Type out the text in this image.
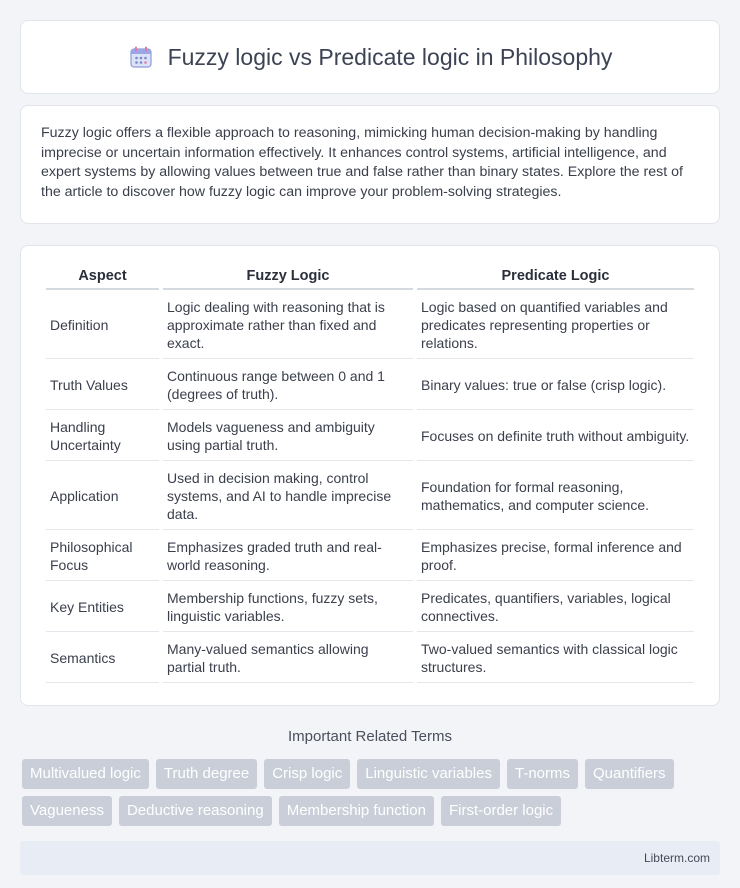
Fuzzy logic vs Predicate logic in Philosophy

Fuzzy logic offers a flexible approach to reasoning, mimicking human decision-making by handling imprecise or uncertain information effectively. It enhances control systems, artificial intelligence, and expert systems by allowing values between true and false rather than binary states. Explore the rest of the article to discover how fuzzy logic can improve your problem-solving strategies.

Aspect	Fuzzy Logic	Predicate Logic
Definition	Logic dealing with reasoning that is approximate rather than fixed and exact.	Logic based on quantified variables and predicates representing properties or relations.
Truth Values	Continuous range between 0 and 1 (degrees of truth).	Binary values: true or false (crisp logic).
Handling Uncertainty	Models vagueness and ambiguity using partial truth.	Focuses on definite truth without ambiguity.
Application	Used in decision making, control systems, and AI to handle imprecise data.	Foundation for formal reasoning, mathematics, and computer science.
Philosophical Focus	Emphasizes graded truth and real-world reasoning.	Emphasizes precise, formal inference and proof.
Key Entities	Membership functions, fuzzy sets, linguistic variables.	Predicates, quantifiers, variables, logical connectives.
Semantics	Many-valued semantics allowing partial truth.	Two-valued semantics with classical logic structures.
Important Related Terms
Multivalued logic	Truth degree	Crisp logic	Linguistic variables	T-norms	Quantifiers
Vagueness	Deductive reasoning	Membership function	First-order logic
Libterm.com
